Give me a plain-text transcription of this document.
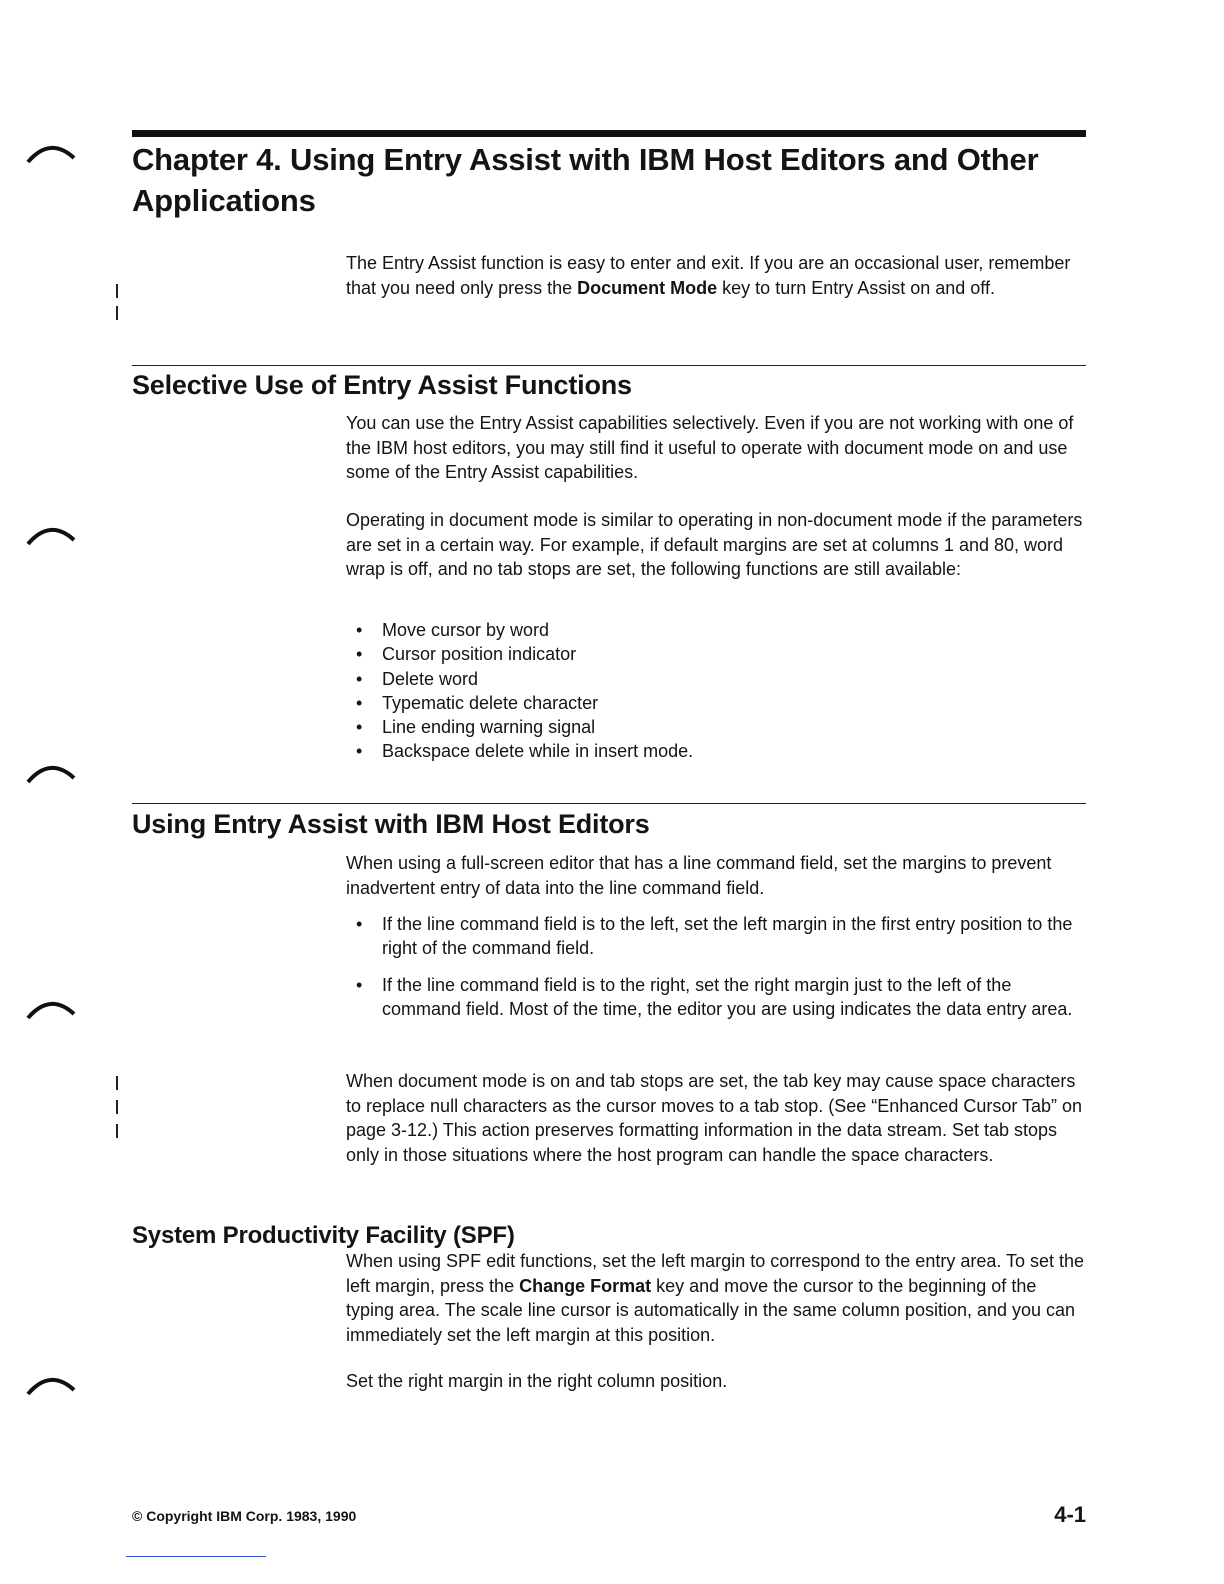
Chapter 4. Using Entry Assist with IBM Host Editors and Other
Applications

The Entry Assist function is easy to enter and exit. If you are an occasional user, remember that you need only press the Document Mode key to turn Entry Assist on and off.

Selective Use of Entry Assist Functions

You can use the Entry Assist capabilities selectively. Even if you are not working with one of the IBM host editors, you may still find it useful to operate with document mode on and use some of the Entry Assist capabilities.

Operating in document mode is similar to operating in non-document mode if the parameters are set in a certain way. For example, if default margins are set at columns 1 and 80, word wrap is off, and no tab stops are set, the following functions are still available:

• Move cursor by word
• Cursor position indicator
• Delete word
• Typematic delete character
• Line ending warning signal
• Backspace delete while in insert mode.
Using Entry Assist with IBM Host Editors

When using a full-screen editor that has a line command field, set the margins to prevent inadvertent entry of data into the line command field.

• If the line command field is to the left, set the left margin in the first entry position to the right of the command field.
• If the line command field is to the right, set the right margin just to the left of the command field. Most of the time, the editor you are using indicates the data entry area.

When document mode is on and tab stops are set, the tab key may cause space characters to replace null characters as the cursor moves to a tab stop. (See “Enhanced Cursor Tab” on page 3-12.) This action preserves formatting information in the data stream. Set tab stops only in those situations where the host program can handle the space characters.

System Productivity Facility (SPF)

When using SPF edit functions, set the left margin to correspond to the entry area. To set the left margin, press the Change Format key and move the cursor to the beginning of the typing area. The scale line cursor is automatically in the same column position, and you can immediately set the left margin at this position.

Set the right margin in the right column position.

© Copyright IBM Corp. 1983, 1990	4-1
